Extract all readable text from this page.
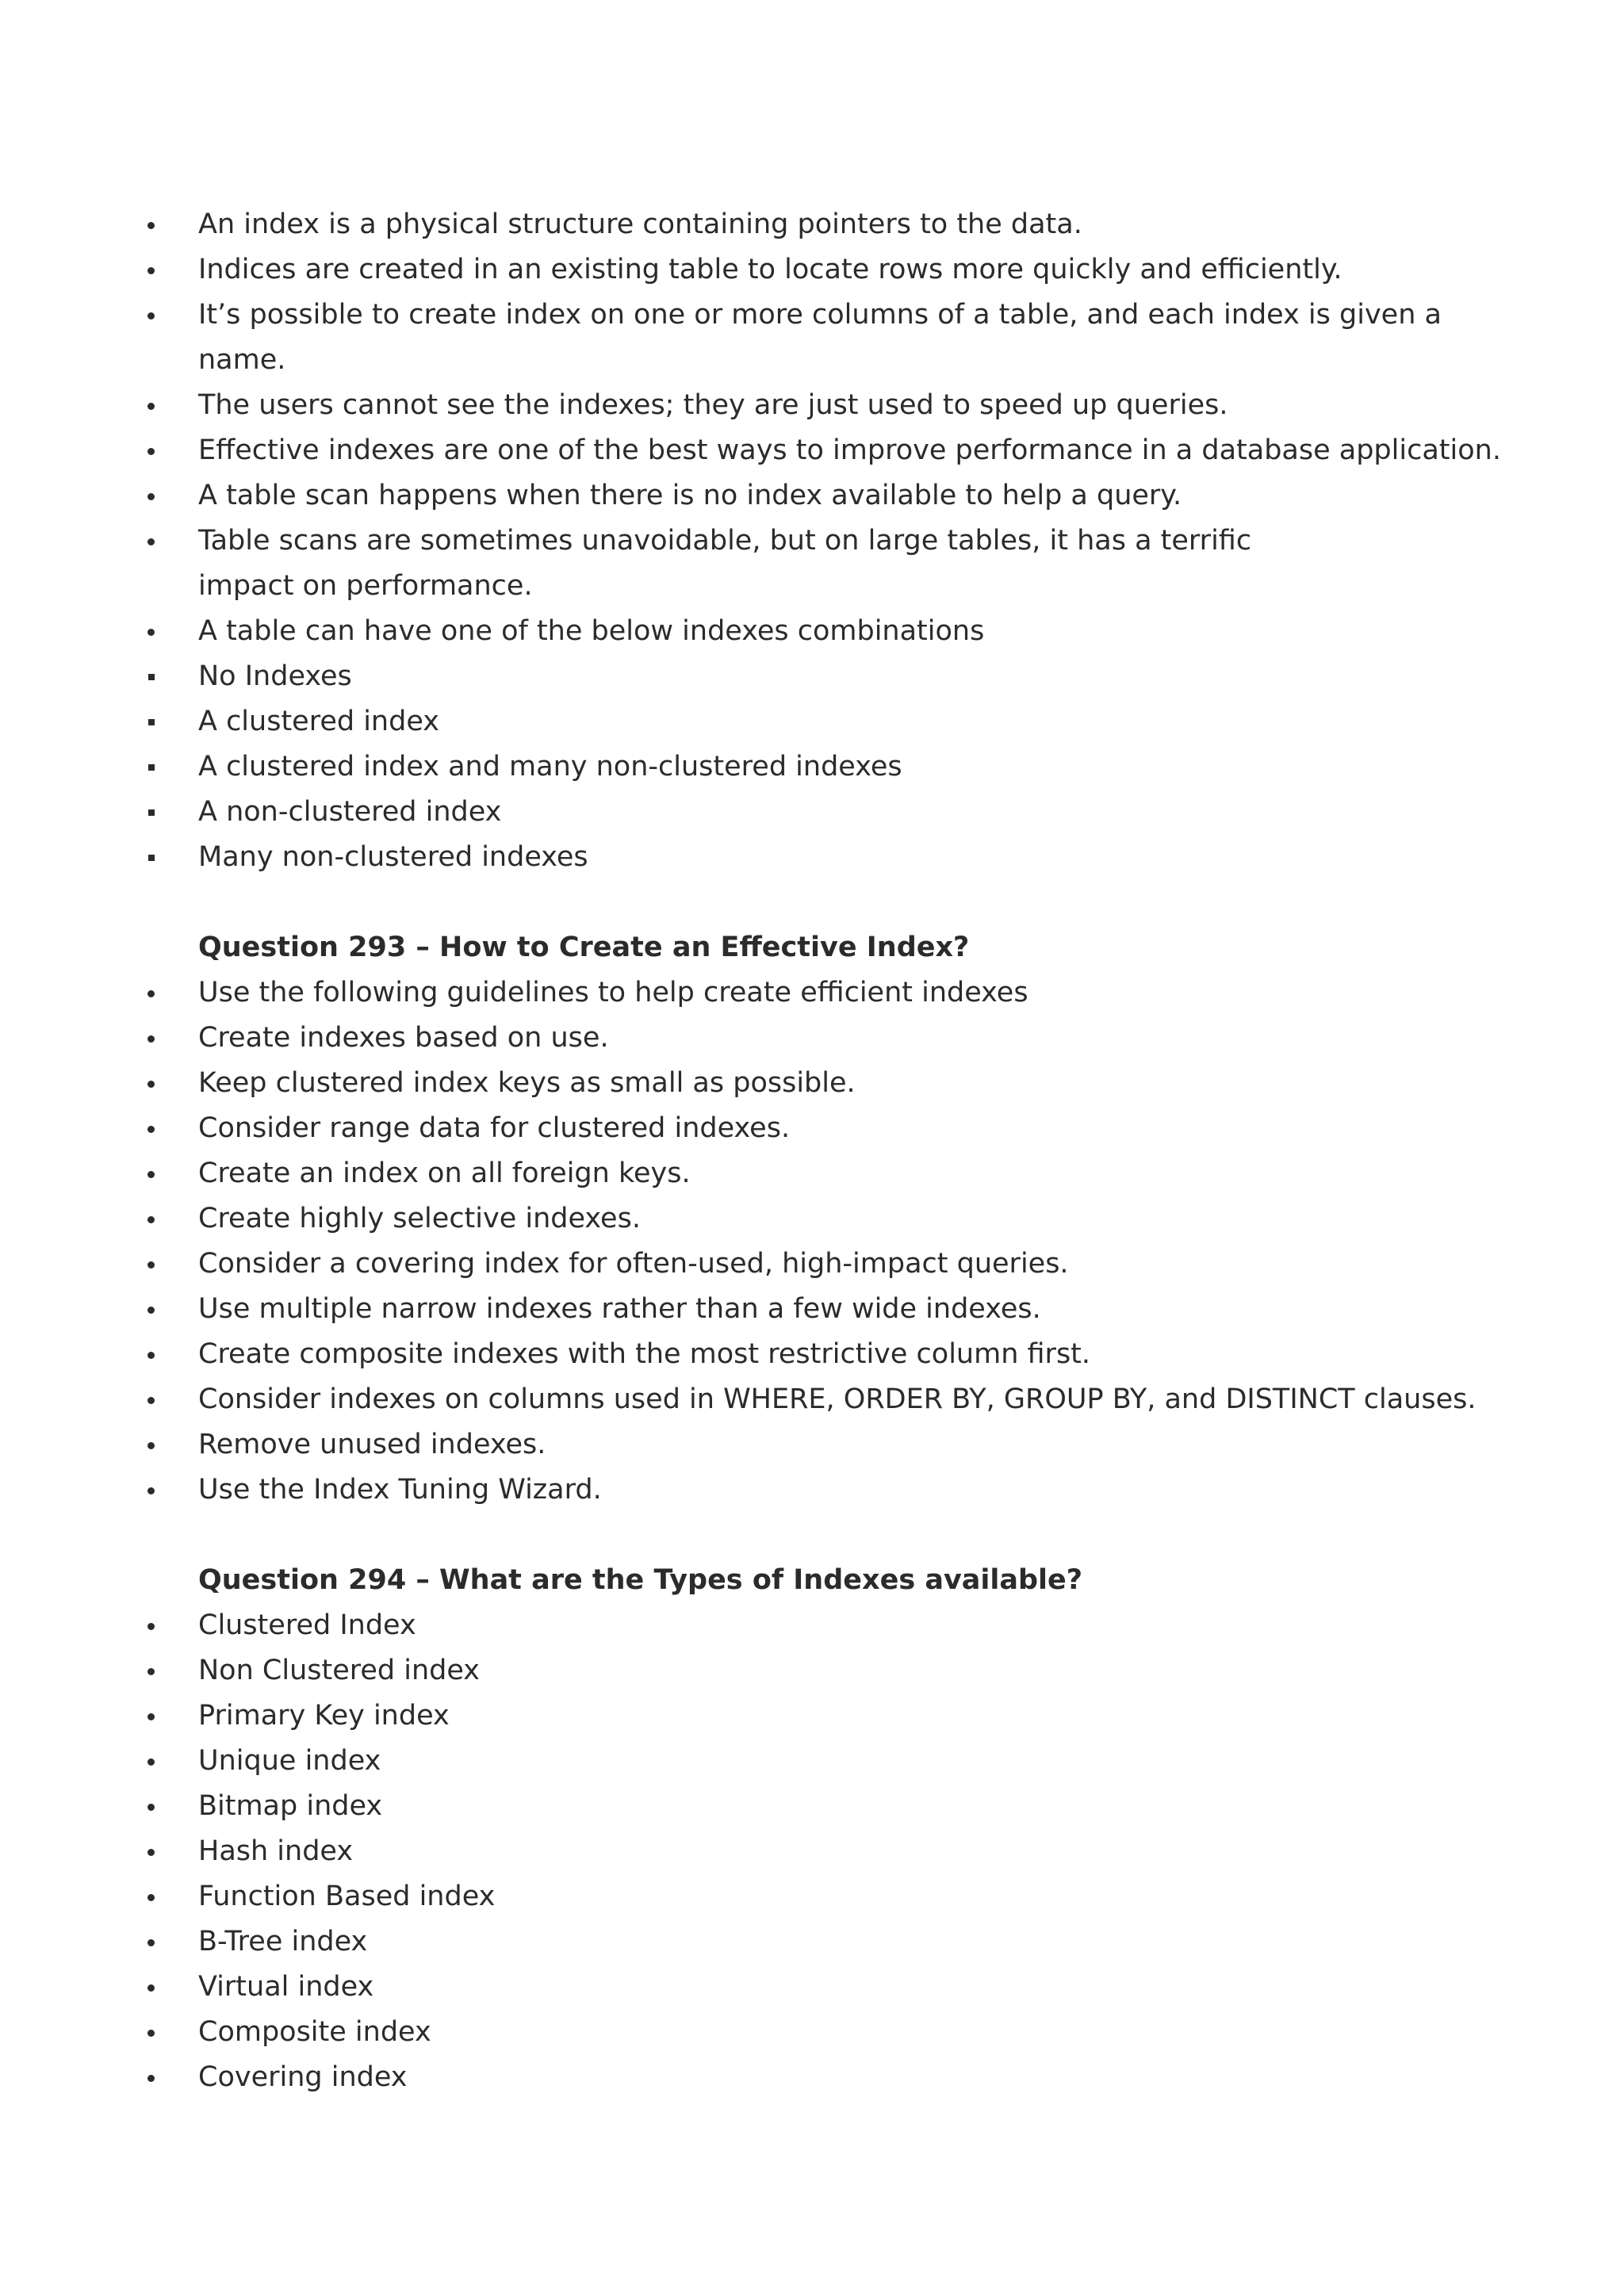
An index is a physical structure containing pointers to the data.
Indices are created in an existing table to locate rows more quickly and efficiently.
It’s possible to create index on one or more columns of a table, and each index is given a name.
The users cannot see the indexes; they are just used to speed up queries.
Effective indexes are one of the best ways to improve performance in a database application.
A table scan happens when there is no index available to help a query.
Table scans are sometimes unavoidable, but on large tables, it has a terrific impact on performance.
A table can have one of the below indexes combinations
No Indexes
A clustered index
A clustered index and many non-clustered indexes
A non-clustered index
Many non-clustered indexes
Question 293 – How to Create an Effective Index?
Use the following guidelines to help create efficient indexes
Create indexes based on use.
Keep clustered index keys as small as possible.
Consider range data for clustered indexes.
Create an index on all foreign keys.
Create highly selective indexes.
Consider a covering index for often-used, high-impact queries.
Use multiple narrow indexes rather than a few wide indexes.
Create composite indexes with the most restrictive column first.
Consider indexes on columns used in WHERE, ORDER BY, GROUP BY, and DISTINCT clauses.
Remove unused indexes.
Use the Index Tuning Wizard.
Question 294 – What are the Types of Indexes available?
Clustered Index
Non Clustered index
Primary Key index
Unique index
Bitmap index
Hash index
Function Based index
B-Tree index
Virtual index
Composite index
Covering index
